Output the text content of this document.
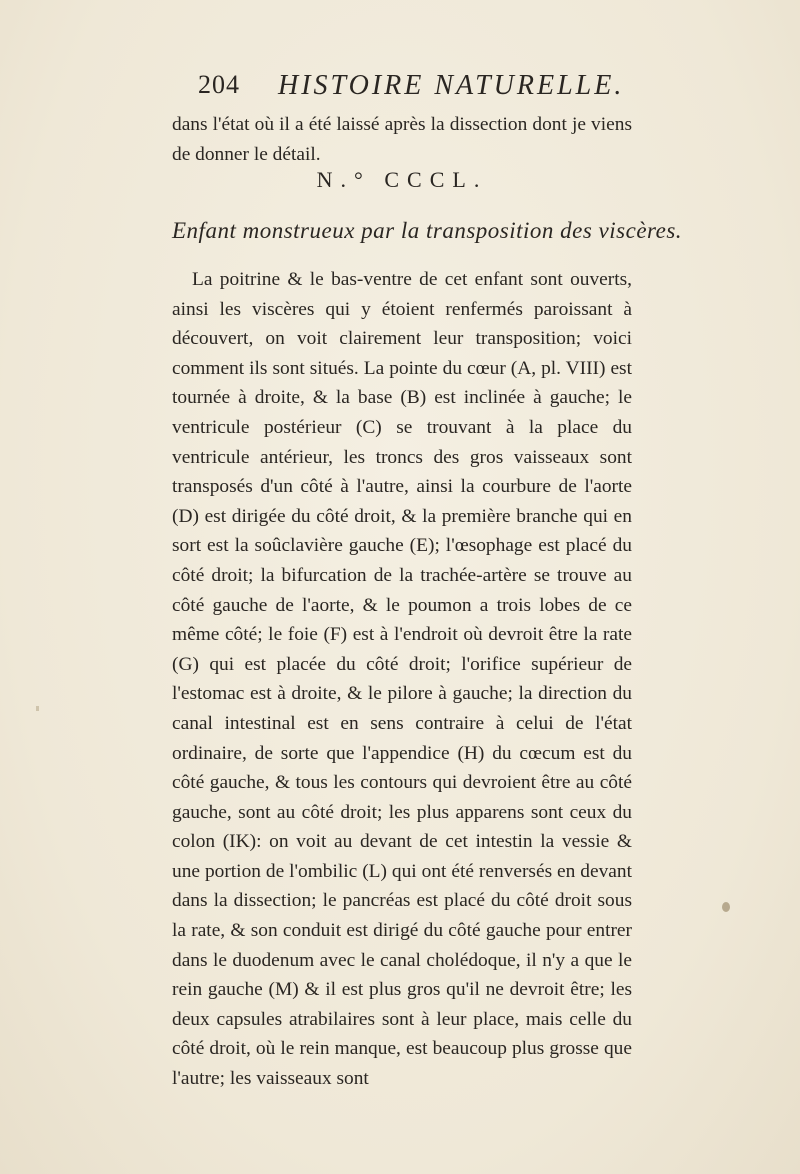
204 HISTOIRE NATURELLE.

dans l'état où il a été laissé après la dissection dont je viens de donner le détail.

N.° CCCL.
Enfant monstrueux par la transposition des viscères.

La poitrine & le bas-ventre de cet enfant sont ouverts, ainsi les viscères qui y étoient renfermés paroissant à découvert, on voit clairement leur transposition; voici comment ils sont situés. La pointe du cœur (A, pl. VIII) est tournée à droite, & la base (B) est inclinée à gauche; le ventricule postérieur (C) se trouvant à la place du ventricule antérieur, les troncs des gros vaisseaux sont transposés d'un côté à l'autre, ainsi la courbure de l'aorte (D) est dirigée du côté droit, & la première branche qui en sort est la soûclavière gauche (E); l'œsophage est placé du côté droit; la bifurcation de la trachée-artère se trouve au côté gauche de l'aorte, & le poumon a trois lobes de ce même côté; le foie (F) est à l'endroit où devroit être la rate (G) qui est placée du côté droit; l'orifice supérieur de l'estomac est à droite, & le pilore à gauche; la direction du canal intestinal est en sens contraire à celui de l'état ordinaire, de sorte que l'appendice (H) du cœcum est du côté gauche, & tous les contours qui devroient être au côté gauche, sont au côté droit; les plus apparens sont ceux du colon (IK): on voit au devant de cet intestin la vessie & une portion de l'ombilic (L) qui ont été renversés en devant dans la dissection; le pancréas est placé du côté droit sous la rate, & son conduit est dirigé du côté gauche pour entrer dans le duodenum avec le canal cholédoque, il n'y a que le rein gauche (M) & il est plus gros qu'il ne devroit être; les deux capsules atrabilaires sont à leur place, mais celle du côté droit, où le rein manque, est beaucoup plus grosse que l'autre; les vaisseaux sont
